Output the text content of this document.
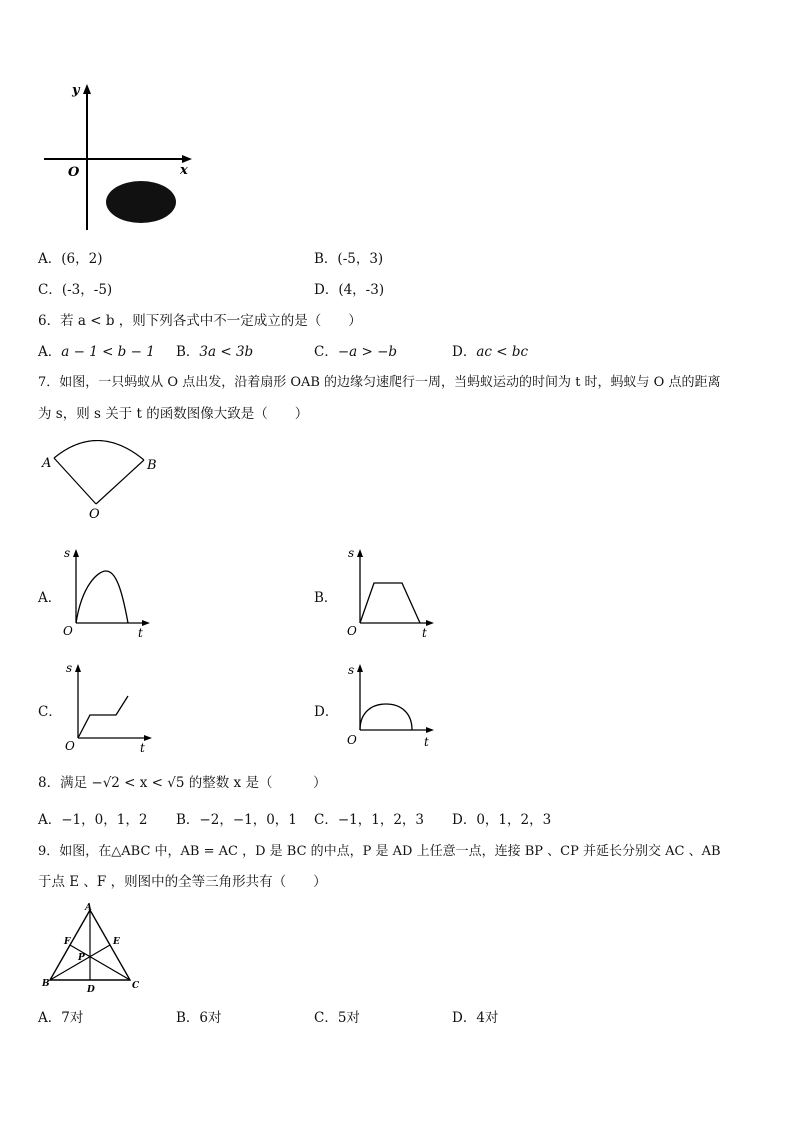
y
x
O
A．(6，2)	B．(-5，3)
C．(-3，-5)	D．(4，-3)
6．若 a < b ，则下列各式中不一定成立的是（　　）
A．a − 1 < b − 1 B．3a < 3b	C．−a > −b	D．ac < bc
7．如图，一只蚂蚁从 O 点出发，沿着扇形 OAB 的边缘匀速爬行一周，当蚂蚁运动的时间为 t 时，蚂蚁与 O 点的距离
为 s，则 s 关于 t 的函数图像大致是（　　）
A	B
O
A．
s
t
O
B．
s
t
O
C．
s
t
O
D．
s
t
O
8．满足 −√2 < x < √5 的整数 x 是（　　　）
A．−1，0，1，2 B．−2，−1，0，1 C．−1，1，2，3 D．0，1，2，3
9．如图，在△ABC 中，AB = AC ，D 是 BC 的中点，P 是 AD 上任意一点，连接 BP 、CP 并延长分别交 AC 、AB
于点 E 、F ，则图中的全等三角形共有（　　）
A
B	C
D
E
F
P
A．7对	B．6对	C．5对	D．4对
